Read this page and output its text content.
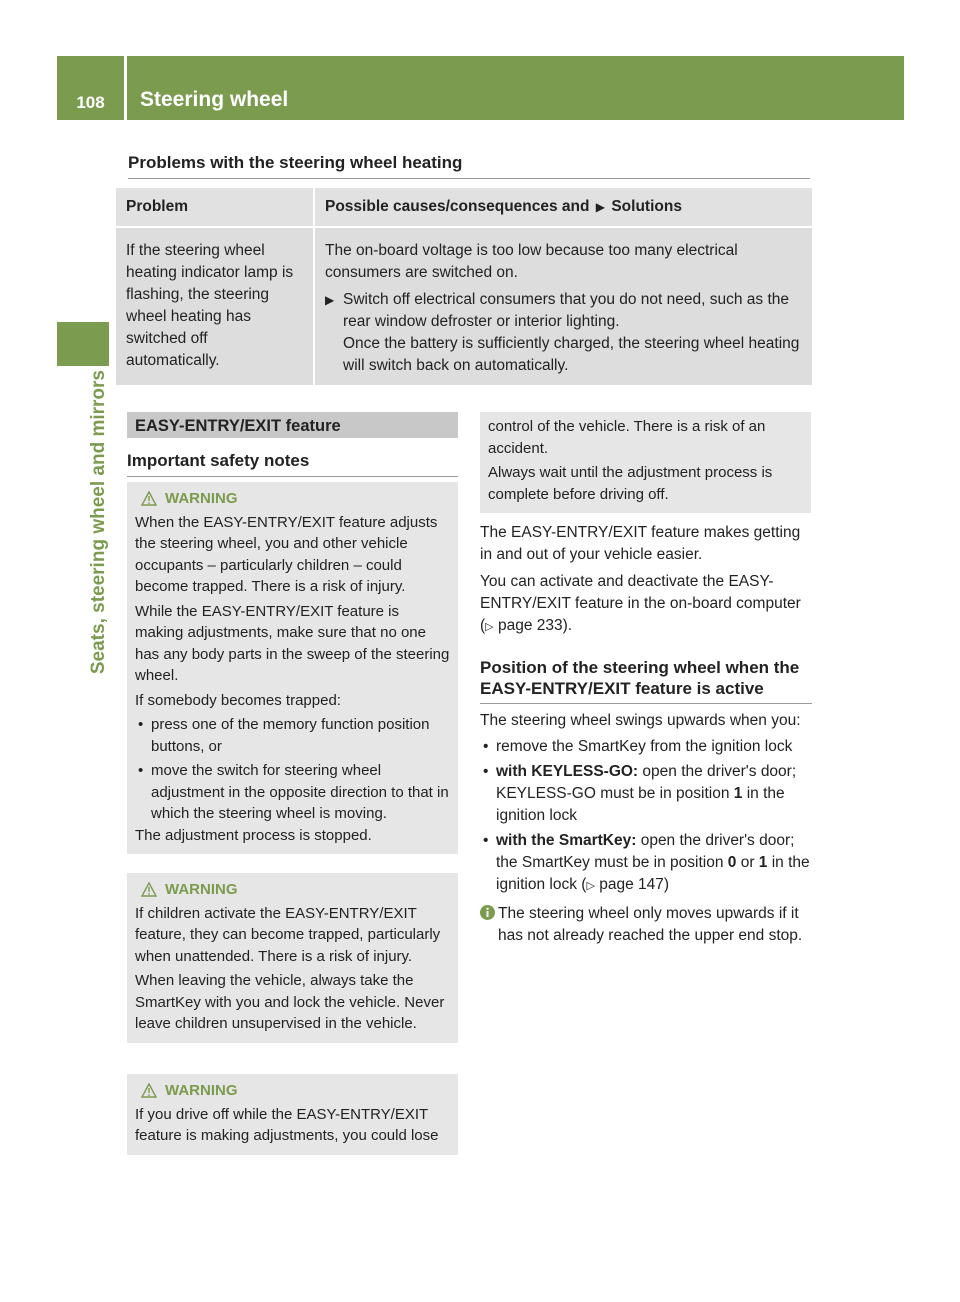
108	Steering wheel
Seats, steering wheel and mirrors
Problems with the steering wheel heating
Problem	Possible causes/consequences and ▶ Solutions
If the steering wheel heating indicator lamp is flashing, the steering wheel heating has switched off automatically.	The on-board voltage is too low because too many electrical consumers are switched on.

▶ Switch off electrical consumers that you do not need, such as the rear window defroster or interior lighting.

Once the battery is sufficiently charged, the steering wheel heating will switch back on automatically.

EASY-ENTRY/EXIT feature
Important safety notes
WARNING

When the EASY-ENTRY/EXIT feature adjusts the steering wheel, you and other vehicle occupants – particularly children – could become trapped. There is a risk of injury.

While the EASY-ENTRY/EXIT feature is making adjustments, make sure that no one has any body parts in the sweep of the steering wheel.

If somebody becomes trapped:

• press one of the memory function position buttons, or
• move the switch for steering wheel adjustment in the opposite direction to that in which the steering wheel is moving.

The adjustment process is stopped.

WARNING

If children activate the EASY-ENTRY/EXIT feature, they can become trapped, particularly when unattended. There is a risk of injury.

When leaving the vehicle, always take the SmartKey with you and lock the vehicle. Never leave children unsupervised in the vehicle.

WARNING

If you drive off while the EASY-ENTRY/EXIT feature is making adjustments, you could lose

control of the vehicle. There is a risk of an accident.

Always wait until the adjustment process is complete before driving off.

The EASY-ENTRY/EXIT feature makes getting in and out of your vehicle easier.

You can activate and deactivate the EASY-ENTRY/EXIT feature in the on-board computer (▷ page 233).

Position of the steering wheel when the EASY-ENTRY/EXIT feature is active

The steering wheel swings upwards when you:

• remove the SmartKey from the ignition lock
• with KEYLESS-GO: open the driver's door; KEYLESS-GO must be in position 1 in the ignition lock
• with the SmartKey: open the driver's door; the SmartKey must be in position 0 or 1 in the ignition lock (▷ page 147)

The steering wheel only moves upwards if it has not already reached the upper end stop.
